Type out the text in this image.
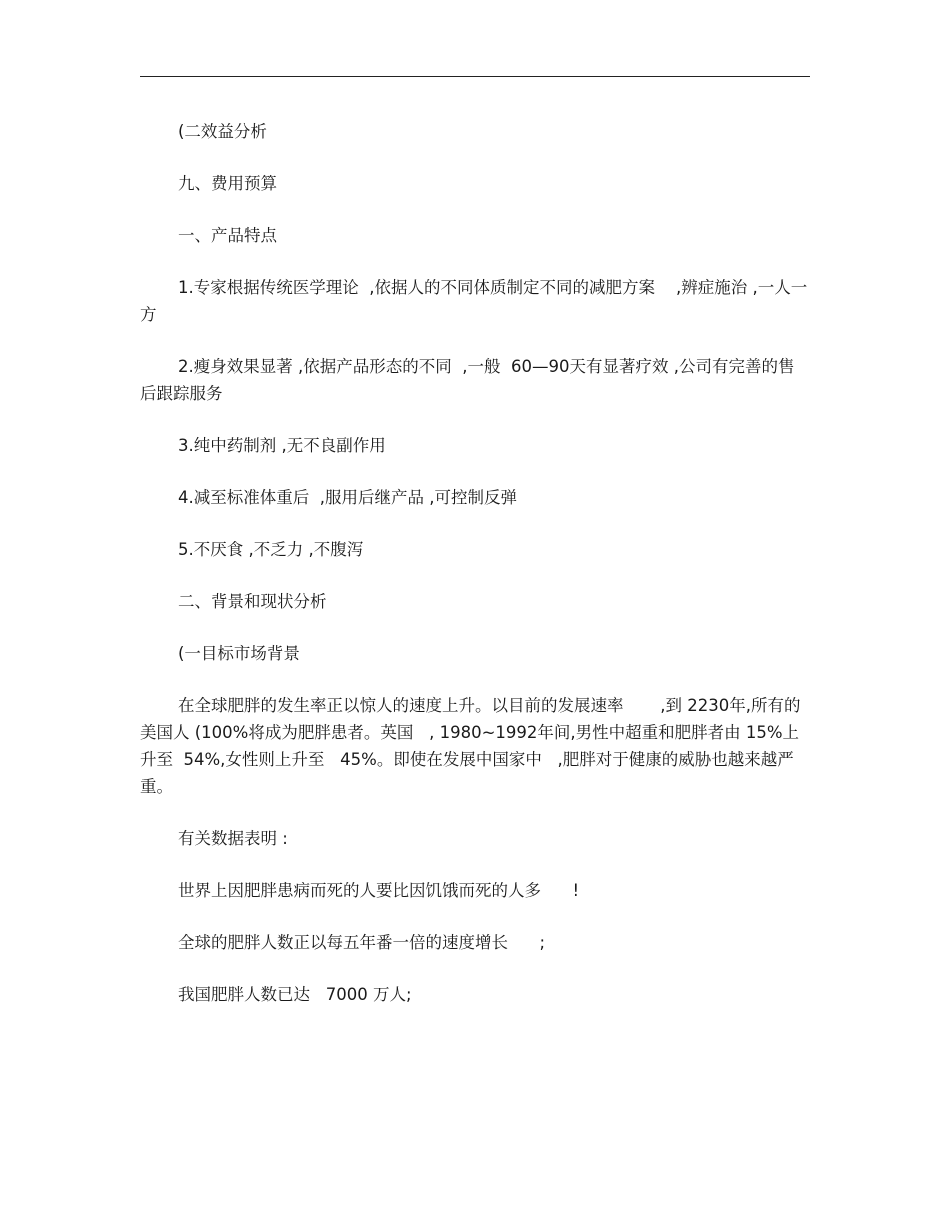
(二效益分析

九、费用预算

一、产品特点

1.专家根据传统医学理论  ,依据人的不同体质制定不同的减肥方案    ,辨症施治 ,一人一方

2.瘦身效果显著 ,依据产品形态的不同  ,一般  60—90天有显著疗效 ,公司有完善的售后跟踪服务

3.纯中药制剂 ,无不良副作用

4.减至标准体重后  ,服用后继产品 ,可控制反弹

5.不厌食 ,不乏力 ,不腹泻

二、背景和现状分析

(一目标市场背景

在全球肥胖的发生率正以惊人的速度上升。以目前的发展速率       ,到 2230年,所有的美国人 (100%将成为肥胖患者。英国   , 1980~1992年间,男性中超重和肥胖者由 15%上升至  54%,女性则上升至   45%。即使在发展中国家中   ,肥胖对于健康的威胁也越来越严重。

有关数据表明 :

世界上因肥胖患病而死的人要比因饥饿而死的人多      !

全球的肥胖人数正以每五年番一倍的速度增长      ;

我国肥胖人数已达   7000 万人;
